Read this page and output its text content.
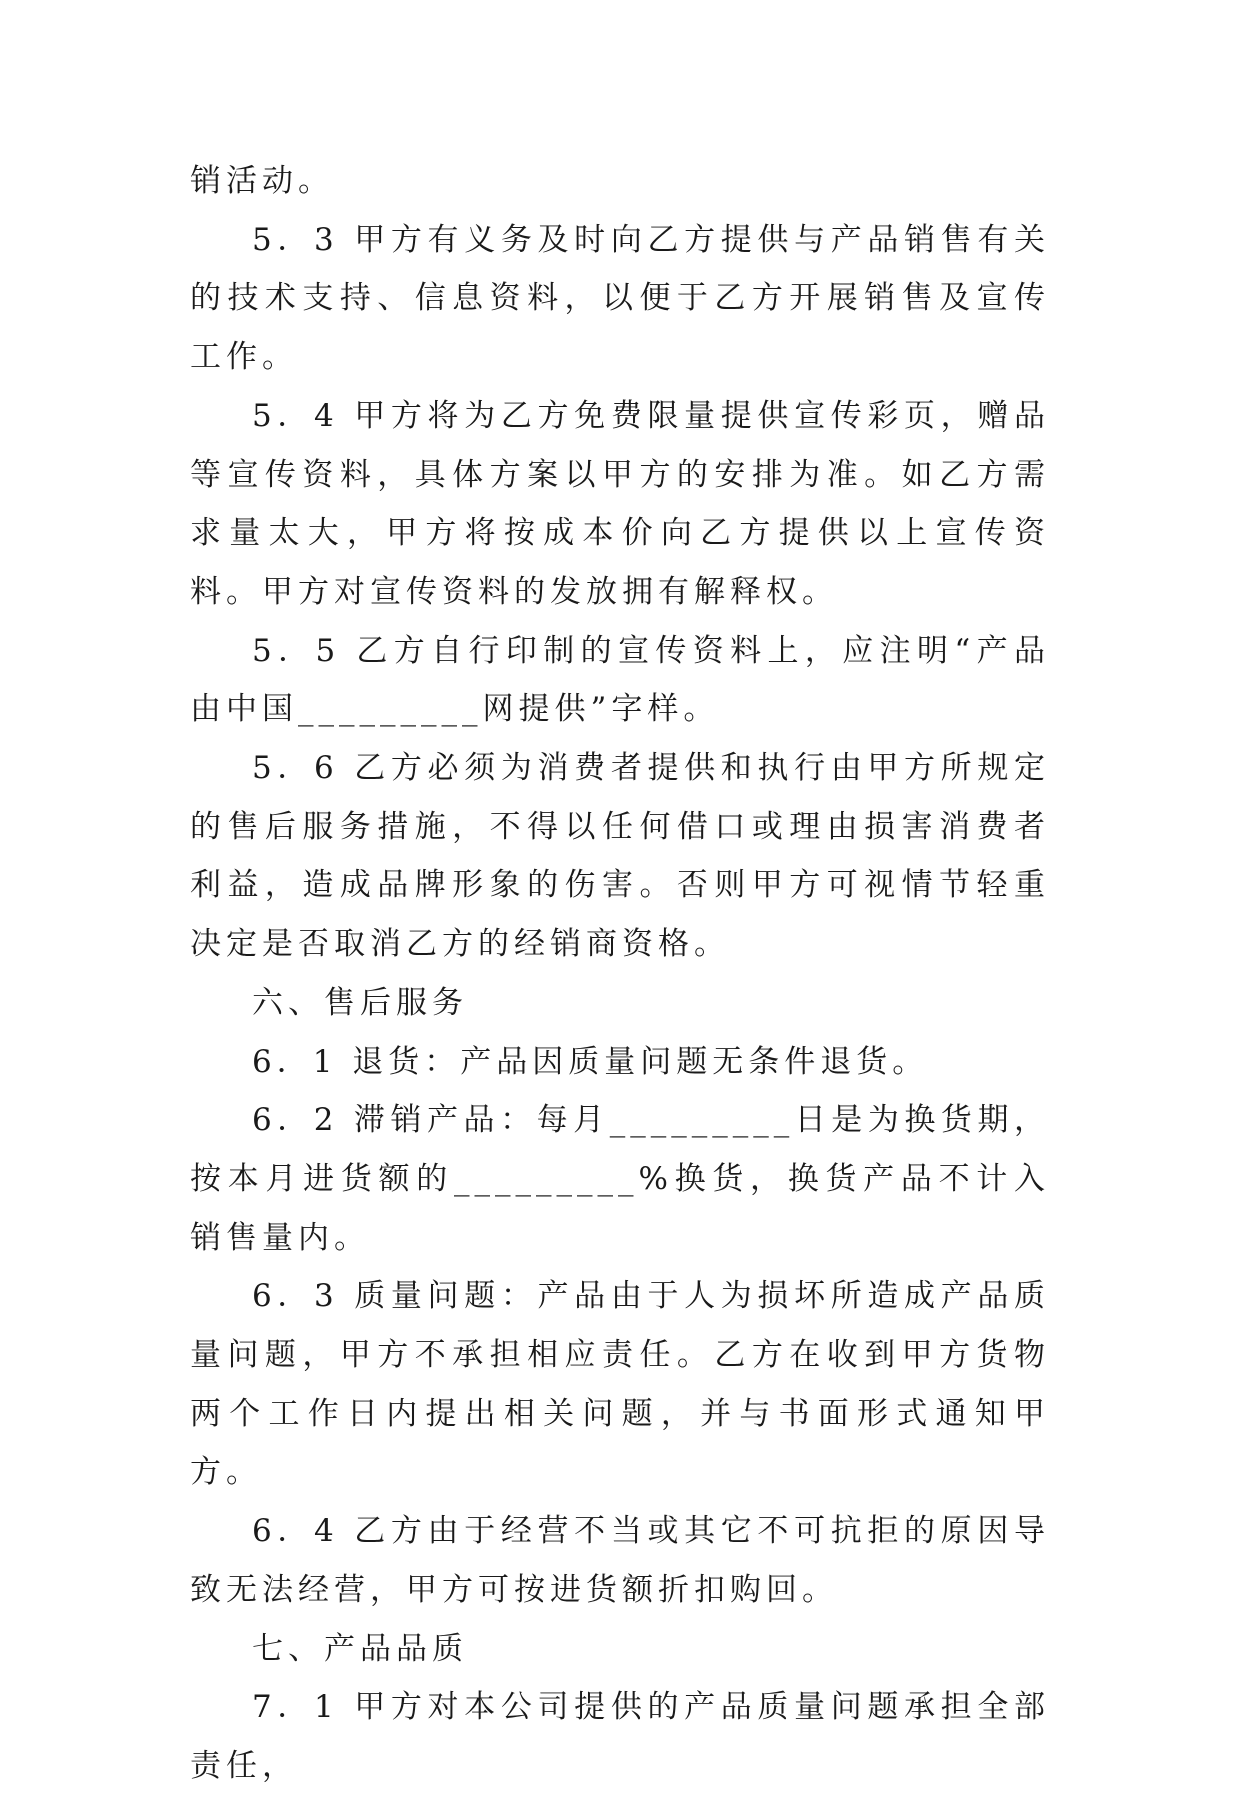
销活动。

5．3 甲方有义务及时向乙方提供与产品销售有关的技术支持、信息资料，以便于乙方开展销售及宣传工作。

5．4 甲方将为乙方免费限量提供宣传彩页，赠品等宣传资料，具体方案以甲方的安排为准。如乙方需求量太大，甲方将按成本价向乙方提供以上宣传资料。甲方对宣传资料的发放拥有解释权。

5．5 乙方自行印制的宣传资料上，应注明“产品由中国_________网提供”字样。

5．6 乙方必须为消费者提供和执行由甲方所规定的售后服务措施，不得以任何借口或理由损害消费者利益，造成品牌形象的伤害。否则甲方可视情节轻重决定是否取消乙方的经销商资格。

六、售后服务

6．1 退货：产品因质量问题无条件退货。

6．2 滞销产品：每月_________日是为换货期，按本月进货额的_________%换货，换货产品不计入销售量内。

6．3 质量问题：产品由于人为损坏所造成产品质量问题，甲方不承担相应责任。乙方在收到甲方货物两个工作日内提出相关问题，并与书面形式通知甲方。

6．4 乙方由于经营不当或其它不可抗拒的原因导致无法经营，甲方可按进货额折扣购回。

七、产品品质

7．1 甲方对本公司提供的产品质量问题承担全部责任，
